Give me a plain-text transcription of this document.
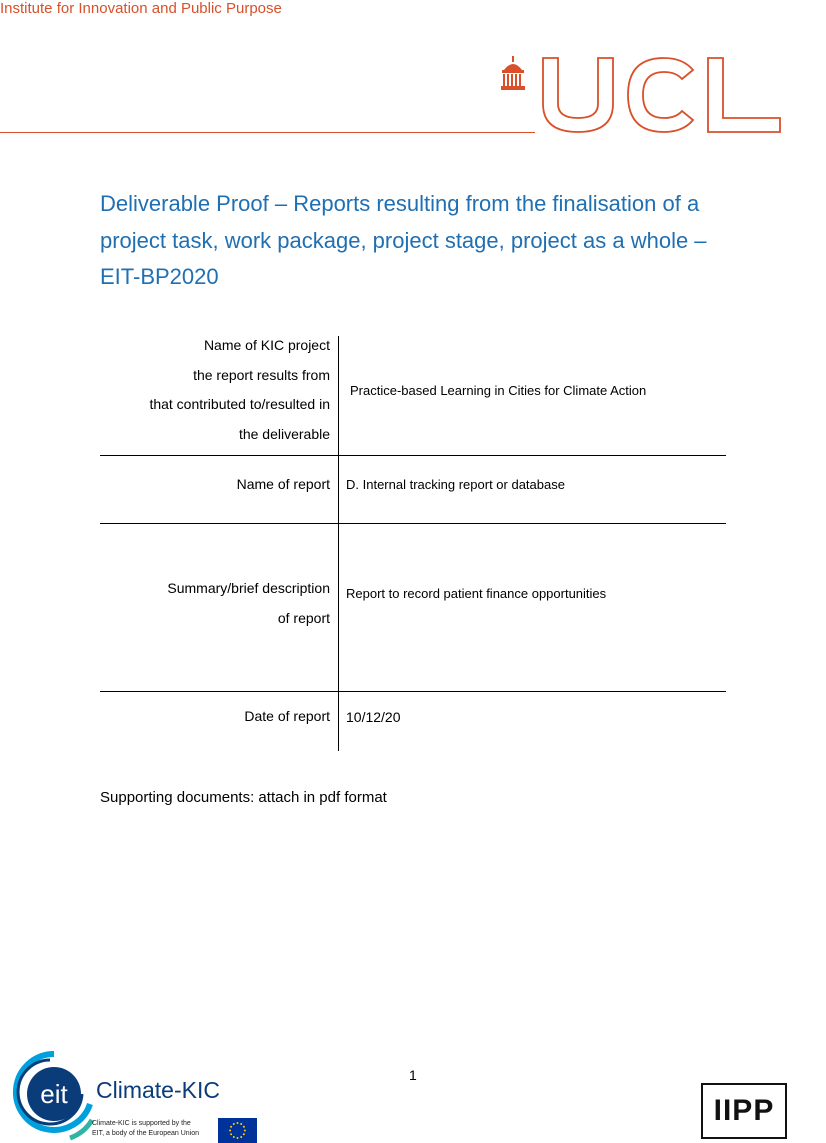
Institute for Innovation and Public Purpose
Deliverable Proof – Reports resulting from the finalisation of a project task, work package, project stage, project as a whole – EIT-BP2020
Name of KIC project
the report results from
that contributed to/resulted in
the deliverable
Practice-based Learning in Cities for Climate Action
Name of report D. Internal tracking report or database
Summary/brief description
of report
Report to record patient finance opportunities
Date of report 10/12/20
Supporting documents: attach in pdf format
1
eit Climate-KIC
Climate-KIC is supported by the
EIT, a body of the European Union
IIPP
